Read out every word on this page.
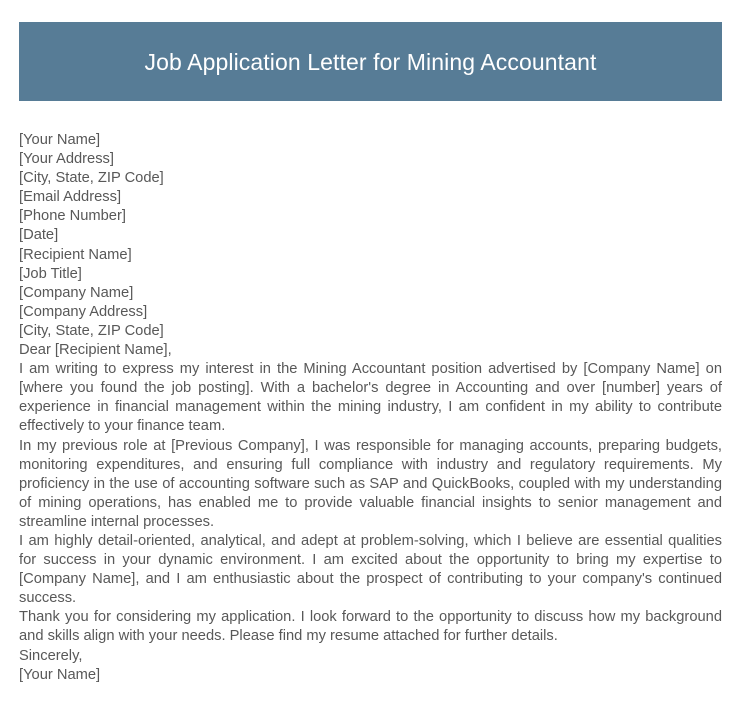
Job Application Letter for Mining Accountant
[Your Name]
[Your Address]
[City, State, ZIP Code]
[Email Address]
[Phone Number]
[Date]
[Recipient Name]
[Job Title]
[Company Name]
[Company Address]
[City, State, ZIP Code]
Dear [Recipient Name],

I am writing to express my interest in the Mining Accountant position advertised by [Company Name] on [where you found the job posting]. With a bachelor's degree in Accounting and over [number] years of experience in financial management within the mining industry, I am confident in my ability to contribute effectively to your finance team.

In my previous role at [Previous Company], I was responsible for managing accounts, preparing budgets, monitoring expenditures, and ensuring full compliance with industry and regulatory requirements. My proficiency in the use of accounting software such as SAP and QuickBooks, coupled with my understanding of mining operations, has enabled me to provide valuable financial insights to senior management and streamline internal processes.

I am highly detail-oriented, analytical, and adept at problem-solving, which I believe are essential qualities for success in your dynamic environment. I am excited about the opportunity to bring my expertise to [Company Name], and I am enthusiastic about the prospect of contributing to your company's continued success.

Thank you for considering my application. I look forward to the opportunity to discuss how my background and skills align with your needs. Please find my resume attached for further details.

Sincerely,
[Your Name]
